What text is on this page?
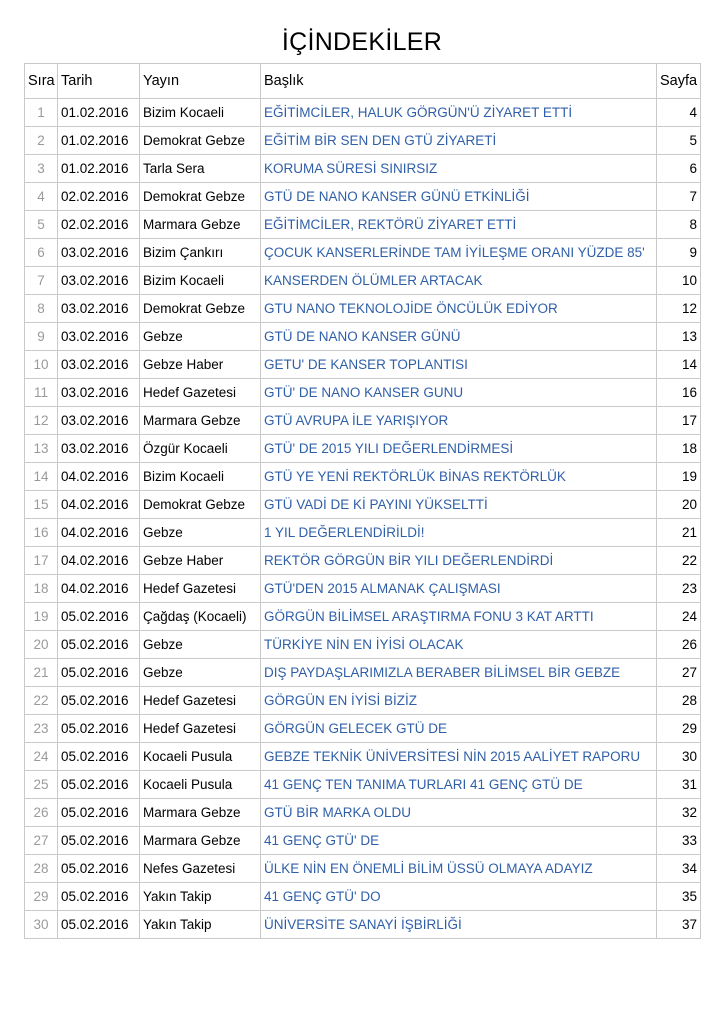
İÇİNDEKİLER
Sıra	Tarih	Yayın	Başlık	Sayfa
1	01.02.2016	Bizim Kocaeli	EĞİTİMCİLER, HALUK GÖRGÜN'Ü ZİYARET ETTİ	4
2	01.02.2016	Demokrat Gebze	EĞİTİM BİR SEN DEN GTÜ ZİYARETİ	5
3	01.02.2016	Tarla Sera	KORUMA SÜRESİ SINIRSIZ	6
4	02.02.2016	Demokrat Gebze	GTÜ DE NANO KANSER GÜNÜ ETKİNLİĞİ	7
5	02.02.2016	Marmara Gebze	EĞİTİMCİLER, REKTÖRÜ ZİYARET ETTİ	8
6	03.02.2016	Bizim Çankırı	ÇOCUK KANSERLERİNDE TAM İYİLEŞME ORANI YÜZDE 85'	9
7	03.02.2016	Bizim Kocaeli	KANSERDEN ÖLÜMLER ARTACAK	10
8	03.02.2016	Demokrat Gebze	GTU NANO TEKNOLOJİDE ÖNCÜLÜK EDİYOR	12
9	03.02.2016	Gebze	GTÜ DE NANO KANSER GÜNÜ	13
10	03.02.2016	Gebze Haber	GETU' DE KANSER TOPLANTISI	14
11	03.02.2016	Hedef Gazetesi	GTÜ' DE NANO KANSER GUNU	16
12	03.02.2016	Marmara Gebze	GTÜ AVRUPA İLE YARIŞIYOR	17
13	03.02.2016	Özgür Kocaeli	GTÜ' DE 2015 YILI DEĞERLENDİRMESİ	18
14	04.02.2016	Bizim Kocaeli	GTÜ YE YENİ REKTÖRLÜK BİNAS REKTÖRLÜK	19
15	04.02.2016	Demokrat Gebze	GTÜ VADİ DE Kİ PAYINI YÜKSELTTİ	20
16	04.02.2016	Gebze	1 YIL DEĞERLENDİRİLDİ!	21
17	04.02.2016	Gebze Haber	REKTÖR GÖRGÜN BİR YILI DEĞERLENDİRDİ	22
18	04.02.2016	Hedef Gazetesi	GTÜ'DEN 2015 ALMANAK ÇALIŞMASI	23
19	05.02.2016	Çağdaş (Kocaeli)	GÖRGÜN BİLİMSEL ARAŞTIRMA FONU 3 KAT ARTTI	24
20	05.02.2016	Gebze	TÜRKİYE NİN EN İYİSİ OLACAK	26
21	05.02.2016	Gebze	DIŞ PAYDAŞLARIMIZLA BERABER BİLİMSEL BİR GEBZE	27
22	05.02.2016	Hedef Gazetesi	GÖRGÜN EN İYİSİ BİZİZ	28
23	05.02.2016	Hedef Gazetesi	GÖRGÜN GELECEK GTÜ DE	29
24	05.02.2016	Kocaeli Pusula	GEBZE TEKNİK ÜNİVERSİTESİ NİN 2015 AALİYET RAPORU	30
25	05.02.2016	Kocaeli Pusula	41 GENÇ TEN TANIMA TURLARI 41 GENÇ GTÜ DE	31
26	05.02.2016	Marmara Gebze	GTÜ BİR MARKA OLDU	32
27	05.02.2016	Marmara Gebze	41 GENÇ GTÜ' DE	33
28	05.02.2016	Nefes Gazetesi	ÜLKE NİN EN ÖNEMLİ BİLİM ÜSSÜ OLMAYA ADAYIZ	34
29	05.02.2016	Yakın Takip	41 GENÇ GTÜ' DO	35
30	05.02.2016	Yakın Takip	ÜNİVERSİTE SANAYİ İŞBİRLİĞİ	37
